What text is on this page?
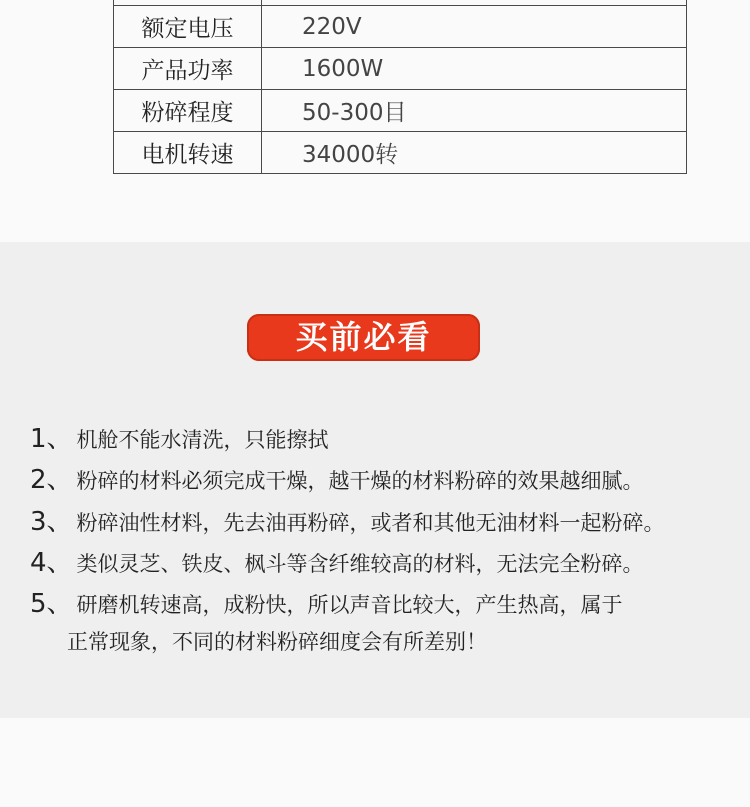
额定电压	220V
产品功率	1600W
粉碎程度	50-300目
电机转速	34000转
买前必看
1、 机舱不能水清洗，只能擦拭
2、 粉碎的材料必须完成干燥，越干燥的材料粉碎的效果越细腻。
3、 粉碎油性材料，先去油再粉碎，或者和其他无油材料一起粉碎。
4、 类似灵芝、铁皮、枫斗等含纤维较高的材料，无法完全粉碎。
5、 研磨机转速高，成粉快，所以声音比较大，产生热高，属于
正常现象，不同的材料粉碎细度会有所差别！
